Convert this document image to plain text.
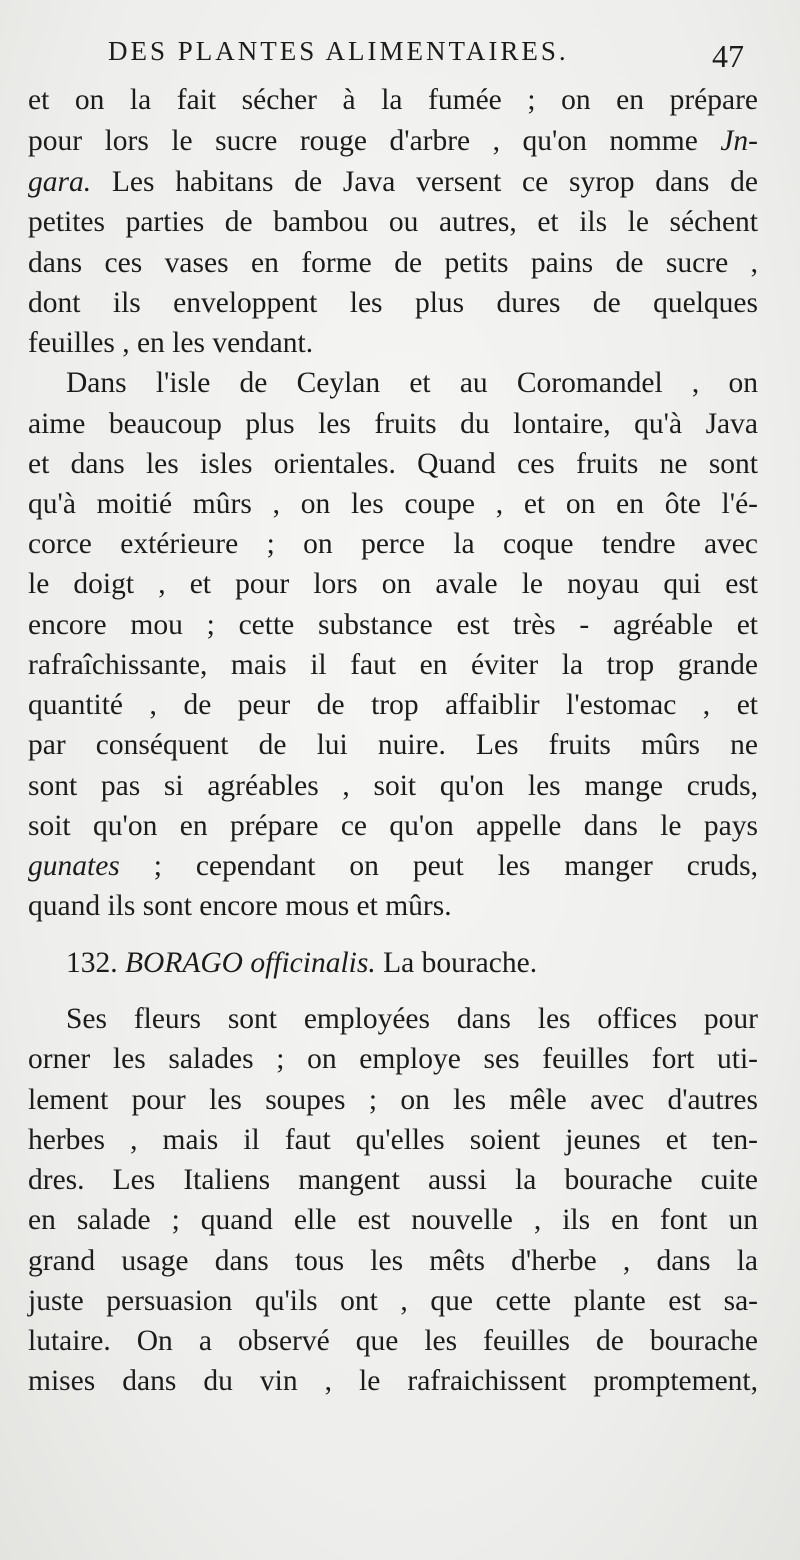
DES PLANTES ALIMENTAIRES.	47
et on la fait sécher à la fumée ; on en prépare
pour lors le sucre rouge d'arbre , qu'on nomme Jn-
gara. Les habitans de Java versent ce syrop dans de
petites parties de bambou ou autres, et ils le séchent
dans ces vases en forme de petits pains de sucre ,
dont ils enveloppent les plus dures de quelques
feuilles , en les vendant.
Dans l'isle de Ceylan et au Coromandel , on
aime beaucoup plus les fruits du lontaire, qu'à Java
et dans les isles orientales. Quand ces fruits ne sont
qu'à moitié mûrs , on les coupe , et on en ôte l'é-
corce extérieure ; on perce la coque tendre avec
le doigt , et pour lors on avale le noyau qui est
encore mou ; cette substance est très - agréable et
rafraîchissante, mais il faut en éviter la trop grande
quantité , de peur de trop affaiblir l'estomac , et
par conséquent de lui nuire. Les fruits mûrs ne
sont pas si agréables , soit qu'on les mange cruds,
soit qu'on en prépare ce qu'on appelle dans le pays
gunates ; cependant on peut les manger cruds,
quand ils sont encore mous et mûrs.
132. BORAGO officinalis. La bourache.
Ses fleurs sont employées dans les offices pour
orner les salades ; on employe ses feuilles fort uti-
lement pour les soupes ; on les mêle avec d'autres
herbes , mais il faut qu'elles soient jeunes et ten-
dres. Les Italiens mangent aussi la bourache cuite
en salade ; quand elle est nouvelle , ils en font un
grand usage dans tous les mêts d'herbe , dans la
juste persuasion qu'ils ont , que cette plante est sa-
lutaire. On a observé que les feuilles de bourache
mises dans du vin , le rafraichissent promptement,
